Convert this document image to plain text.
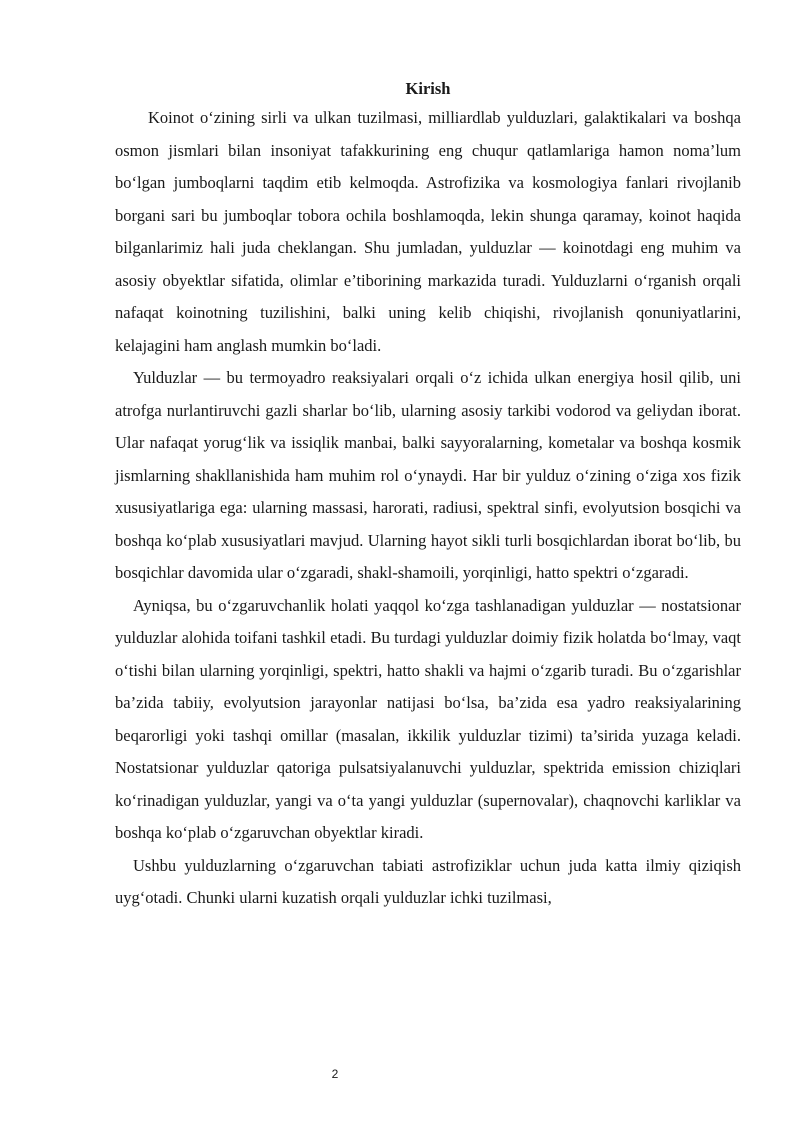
Kirish

Koinot o‘zining sirli va ulkan tuzilmasi, milliardlab yulduzlari, galaktikalari va boshqa osmon jismlari bilan insoniyat tafakkurining eng chuqur qatlamlariga hamon noma’lum bo‘lgan jumboqlarni taqdim etib kelmoqda. Astrofizika va kosmologiya fanlari rivojlanib borgani sari bu jumboqlar tobora ochila boshlamoqda, lekin shunga qaramay, koinot haqida bilganlarimiz hali juda cheklangan. Shu jumladan, yulduzlar — koinotdagi eng muhim va asosiy obyektlar sifatida, olimlar e’tiborining markazida turadi. Yulduzlarni o‘rganish orqali nafaqat koinotning tuzilishini, balki uning kelib chiqishi, rivojlanish qonuniyatlarini, kelajagini ham anglash mumkin bo‘ladi.

Yulduzlar — bu termoyadro reaksiyalari orqali o‘z ichida ulkan energiya hosil qilib, uni atrofga nurlantiruvchi gazli sharlar bo‘lib, ularning asosiy tarkibi vodorod va geliydan iborat. Ular nafaqat yorug‘lik va issiqlik manbai, balki sayyoralarning, kometalar va boshqa kosmik jismlarning shakllanishida ham muhim rol o‘ynaydi. Har bir yulduz o‘zining o‘ziga xos fizik xususiyatlariga ega: ularning massasi, harorati, radiusi, spektral sinfi, evolyutsion bosqichi va boshqa ko‘plab xususiyatlari mavjud. Ularning hayot sikli turli bosqichlardan iborat bo‘lib, bu bosqichlar davomida ular o‘zgaradi, shakl-shamoili, yorqinligi, hatto spektri o‘zgaradi.

Ayniqsa, bu o‘zgaruvchanlik holati yaqqol ko‘zga tashlanadigan yulduzlar — nostatsionar yulduzlar alohida toifani tashkil etadi. Bu turdagi yulduzlar doimiy fizik holatda bo‘lmay, vaqt o‘tishi bilan ularning yorqinligi, spektri, hatto shakli va hajmi o‘zgarib turadi. Bu o‘zgarishlar ba’zida tabiiy, evolyutsion jarayonlar natijasi bo‘lsa, ba’zida esa yadro reaksiyalarining beqarorligi yoki tashqi omillar (masalan, ikkilik yulduzlar tizimi) ta’sirida yuzaga keladi. Nostatsionar yulduzlar qatoriga pulsatsiyalanuvchi yulduzlar, spektrida emission chiziqlari ko‘rinadigan yulduzlar, yangi va o‘ta yangi yulduzlar (supernovalar), chaqnovchi karliklar va boshqa ko‘plab o‘zgaruvchan obyektlar kiradi.

Ushbu yulduzlarning o‘zgaruvchan tabiati astrofiziklar uchun juda katta ilmiy qiziqish uyg‘otadi. Chunki ularni kuzatish orqali yulduzlar ichki tuzilmasi,

2
